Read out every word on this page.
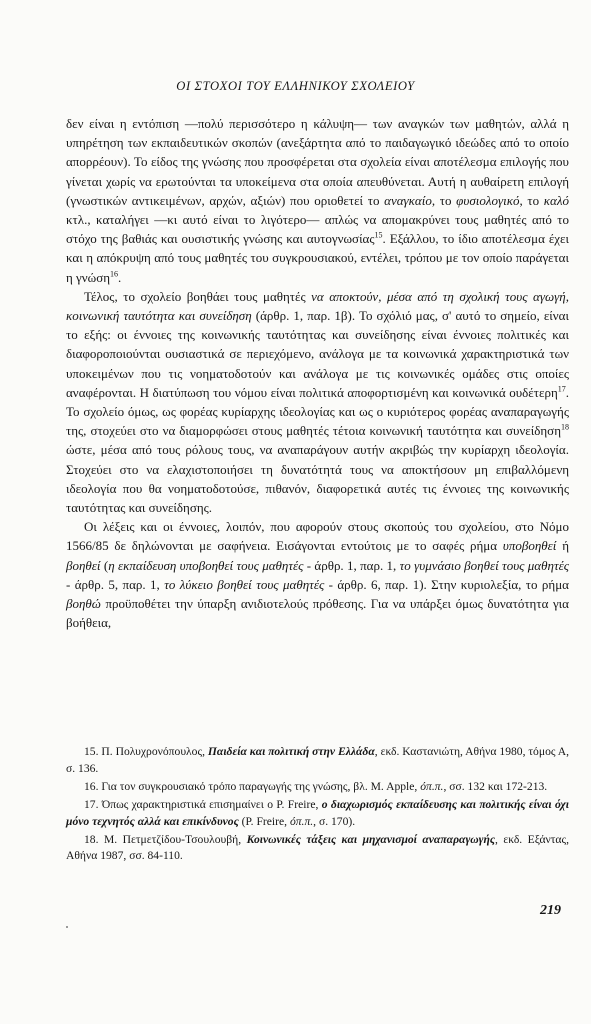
ΟΙ ΣΤΟΧΟΙ ΤΟΥ ΕΛΛΗΝΙΚΟΥ ΣΧΟΛΕΙΟΥ

δεν είναι η εντόπιση —πολύ περισσότερο η κάλυψη— των αναγκών των μαθητών, αλλά η υπηρέτηση των εκπαιδευτικών σκοπών (ανεξάρτητα από το παιδαγωγικό ιδεώδες από το οποίο απορρέουν). Το είδος της γνώσης που προσφέρεται στα σχολεία είναι αποτέλεσμα επιλογής που γίνεται χωρίς να ερωτούνται τα υποκείμενα στα οποία απευθύνεται. Αυτή η αυθαίρετη επιλογή (γνωστικών αντικειμένων, αρχών, αξιών) που οριοθετεί το αναγκαίο, το φυσιολογικό, το καλό κτλ., καταλήγει —κι αυτό είναι το λιγότερο— απλώς να απομακρύνει τους μαθητές από το στόχο της βαθιάς και ουσιστικής γνώσης και αυτογνωσίας$^{15}$. Εξάλλου, το ίδιο αποτέλεσμα έχει και η απόκρυψη από τους μαθητές του συγκρουσιακού, εντέλει, τρόπου με τον οποίο παράγεται η γνώση$^{16}$.

Τέλος, το σχολείο βοηθάει τους μαθητές να αποκτούν, μέσα από τη σχολική τους αγωγή, κοινωνική ταυτότητα και συνείδηση (άρθρ. 1, παρ. 1β). Το σχόλιό μας, σ' αυτό το σημείο, είναι το εξής: οι έννοιες της κοινωνικής ταυτότητας και συνείδησης είναι έννοιες πολιτικές και διαφοροποιούνται ουσιαστικά σε περιεχόμενο, ανάλογα με τα κοινωνικά χαρακτηριστικά των υποκειμένων που τις νοηματοδοτούν και ανάλογα με τις κοινωνικές ομάδες στις οποίες αναφέρονται. Η διατύπωση του νόμου είναι πολιτικά αποφορτισμένη και κοινωνικά ουδέτερη$^{17}$. Το σχολείο όμως, ως φορέας κυρίαρχης ιδεολογίας και ως ο κυριότερος φορέας αναπαραγωγής της, στοχεύει στο να διαμορφώσει στους μαθητές τέτοια κοινωνική ταυτότητα και συνείδηση$^{18}$ ώστε, μέσα από τους ρόλους τους, να αναπαράγουν αυτήν ακριβώς την κυρίαρχη ιδεολογία. Στοχεύει στο να ελαχιστοποιήσει τη δυνατότητά τους να αποκτήσουν μη επιβαλλόμενη ιδεολογία που θα νοηματοδοτούσε, πιθανόν, διαφορετικά αυτές τις έννοιες της κοινωνικής ταυτότητας και συνείδησης.

Οι λέξεις και οι έννοιες, λοιπόν, που αφορούν στους σκοπούς του σχολείου, στο Νόμο 1566/85 δε δηλώνονται με σαφήνεια. Εισάγονται εντούτοις με το σαφές ρήμα υποβοηθεί ή βοηθεί (η εκπαίδευση υποβοηθεί τους μαθητές - άρθρ. 1, παρ. 1, το γυμνάσιο βοηθεί τους μαθητές - άρθρ. 5, παρ. 1, το λύκειο βοηθεί τους μαθητές - άρθρ. 6, παρ. 1). Στην κυριολεξία, το ρήμα βοηθώ προϋποθέτει την ύπαρξη ανιδιοτελούς πρόθεσης. Για να υπάρξει όμως δυνατότητα για βοήθεια,

15. Π. Πολυχρονόπουλος, Παιδεία και πολιτική στην Ελλάδα, εκδ. Καστανιώτη, Αθήνα 1980, τόμος Α, σ. 136.

16. Για τον συγκρουσιακό τρόπο παραγωγής της γνώσης, βλ. M. Apple, όπ.π., σσ. 132 και 172-213.

17. Όπως χαρακτηριστικά επισημαίνει ο P. Freire, ο διαχωρισμός εκπαίδευσης και πολιτικής είναι όχι μόνο τεχνητός αλλά και επικίνδυνος (P. Freire, όπ.π., σ. 170).

18. Μ. Πετμετζίδου-Τσουλουβή, Κοινωνικές τάξεις και μηχανισμοί αναπαραγωγής, εκδ. Εξάντας, Αθήνα 1987, σσ. 84-110.

219
